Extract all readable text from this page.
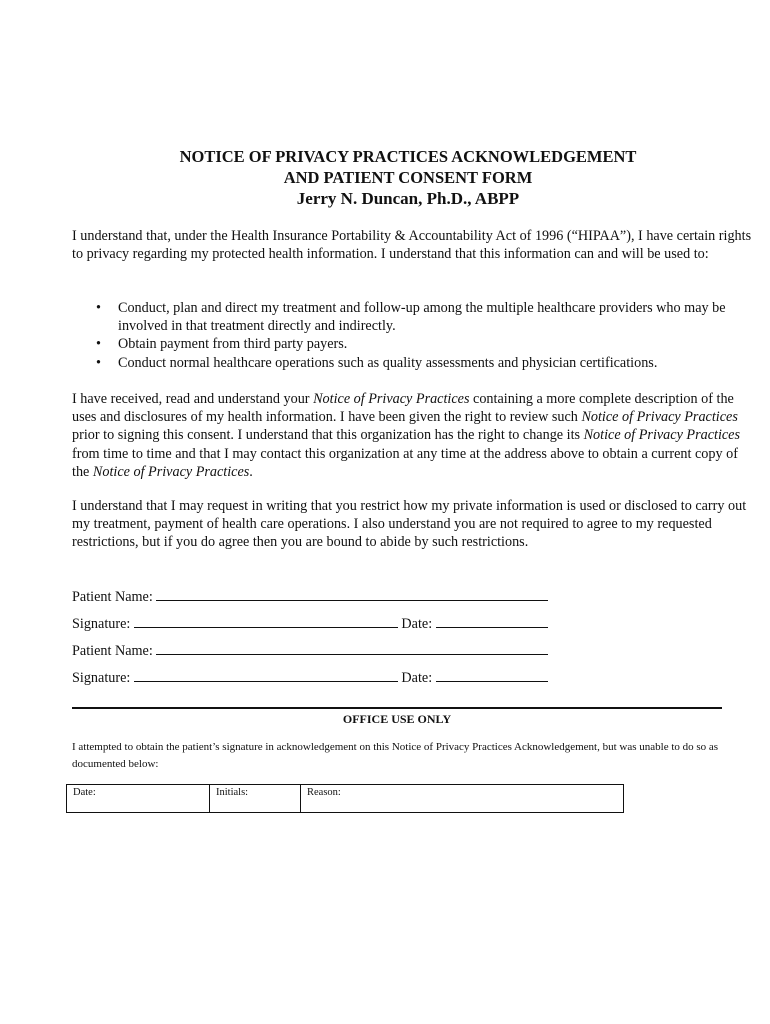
NOTICE OF PRIVACY PRACTICES ACKNOWLEDGEMENT
AND PATIENT CONSENT FORM
Jerry N. Duncan, Ph.D., ABPP

I understand that, under the Health Insurance Portability & Accountability Act of 1996 (“HIPAA”), I have certain rights to privacy regarding my protected health information. I understand that this information can and will be used to:

• Conduct, plan and direct my treatment and follow-up among the multiple healthcare providers who may be involved in that treatment directly and indirectly.
• Obtain payment from third party payers.
• Conduct normal healthcare operations such as quality assessments and physician certifications.

I have received, read and understand your Notice of Privacy Practices containing a more complete description of the uses and disclosures of my health information. I have been given the right to review such Notice of Privacy Practices prior to signing this consent. I understand that this organization has the right to change its Notice of Privacy Practices from time to time and that I may contact this organization at any time at the address above to obtain a current copy of the Notice of Privacy Practices.

I understand that I may request in writing that you restrict how my private information is used or disclosed to carry out my treatment, payment of health care operations. I also understand you are not required to agree to my requested restrictions, but if you do agree then you are bound to abide by such restrictions.

Patient Name:
Signature:	Date:
Patient Name:
Signature:	Date:
OFFICE USE ONLY

I attempted to obtain the patient’s signature in acknowledgement on this Notice of Privacy Practices Acknowledgement, but was unable to do so as documented below:

Date:	Initials:	Reason:
